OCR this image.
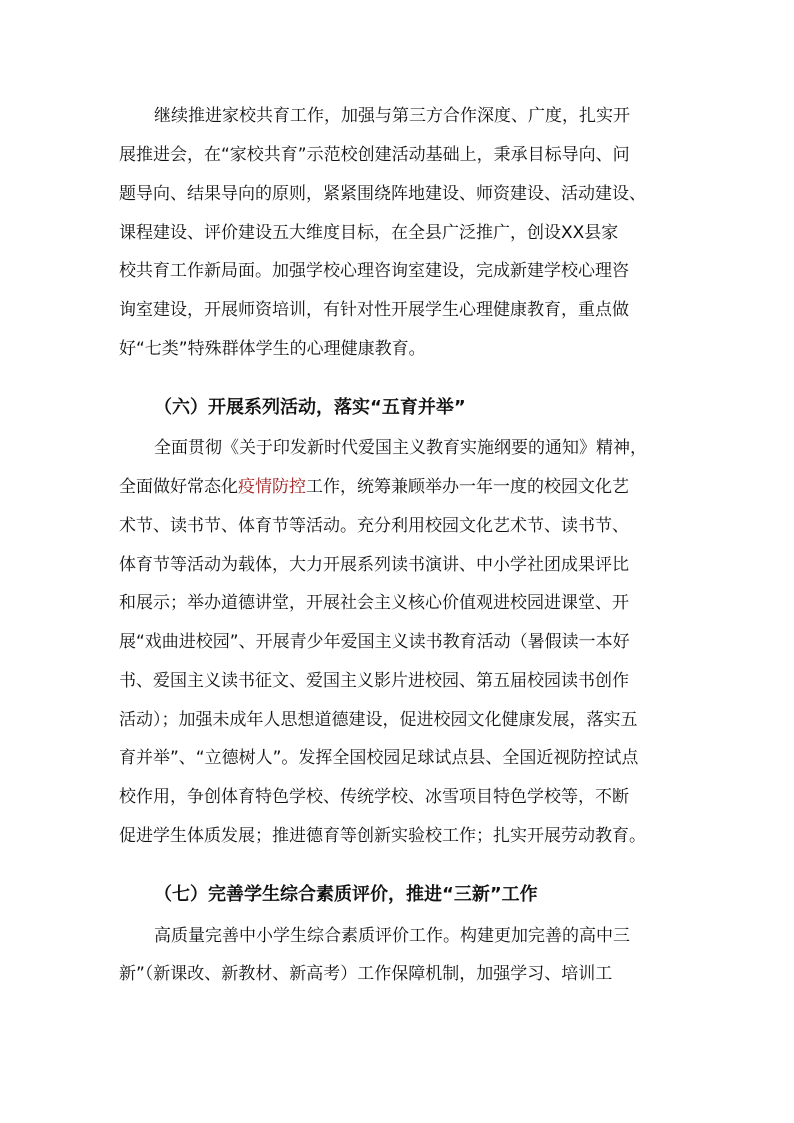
继续推进家校共育工作，加强与第三方合作深度、广度，扎实开
展推进会，在“家校共育”示范校创建活动基础上，秉承目标导向、问
题导向、结果导向的原则，紧紧围绕阵地建设、师资建设、活动建设、
课程建设、评价建设五大维度目标，在全县广泛推广，创设XX县家
校共育工作新局面。加强学校心理咨询室建设，完成新建学校心理咨
询室建设，开展师资培训，有针对性开展学生心理健康教育，重点做
好“七类”特殊群体学生的心理健康教育。
（六）开展系列活动，落实“五育并举”
全面贯彻《关于印发新时代爱国主义教育实施纲要的通知》精神，
全面做好常态化疫情防控工作，统筹兼顾举办一年一度的校园文化艺
术节、读书节、体育节等活动。充分利用校园文化艺术节、读书节、
体育节等活动为载体，大力开展系列读书演讲、中小学社团成果评比
和展示；举办道德讲堂，开展社会主义核心价值观进校园进课堂、开
展“戏曲进校园”、开展青少年爱国主义读书教育活动（暑假读一本好
书、爱国主义读书征文、爱国主义影片进校园、第五届校园读书创作
活动）；加强未成年人思想道德建设，促进校园文化健康发展，落实五
育并举”、“立德树人”。发挥全国校园足球试点县、全国近视防控试点
校作用，争创体育特色学校、传统学校、冰雪项目特色学校等，不断
促进学生体质发展；推进德育等创新实验校工作；扎实开展劳动教育。
（七）完善学生综合素质评价，推进“三新”工作
高质量完善中小学生综合素质评价工作。构建更加完善的高中三
新”（新课改、新教材、新高考）工作保障机制，加强学习、培训工
